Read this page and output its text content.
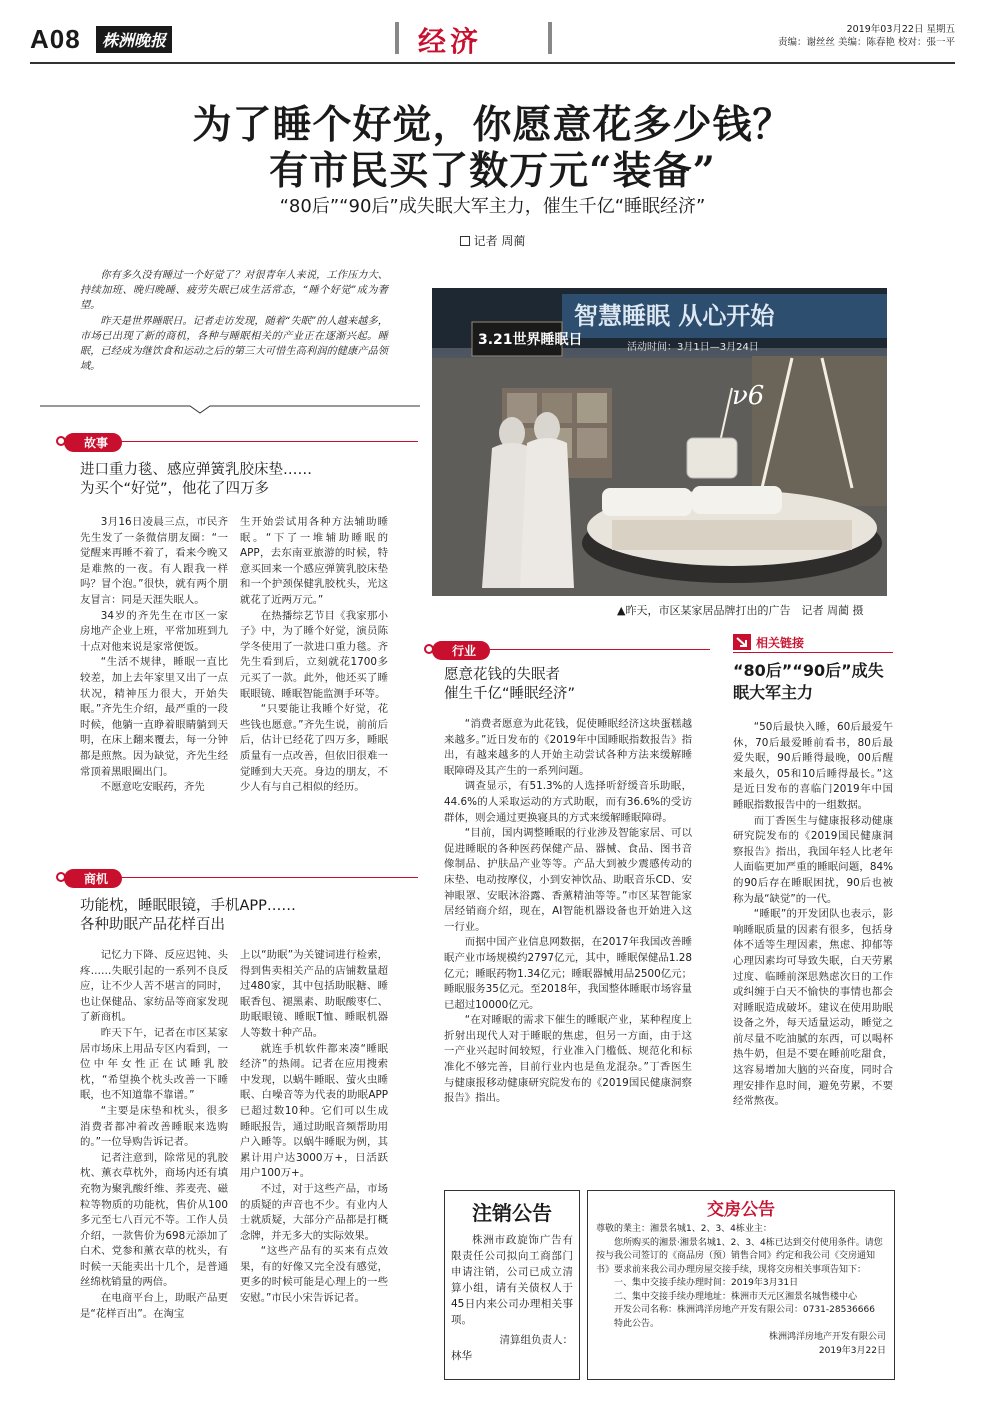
A08	株洲晚报	经济	2019年03月22日 星期五
责编：谢丝丝 美编：陈春艳 校对：張一平
为了睡个好觉，你愿意花多少钱？
有市民买了数万元“装备”
“80后”“90后”成失眠大军主力，催生千亿“睡眠经济”
记者 周蔺

你有多久没有睡过一个好觉了？对很青年人来说，工作压力大、持续加班、晚归晚睡、疲劳失眠已成生活常态，“睡个好觉”成为奢望。

昨天是世界睡眠日。记者走访发现，随着“失眠”的人越来越多，市场已出现了新的商机，各种与睡眠相关的产业正在逐渐兴起。睡眠，已经成为继饮食和运动之后的第三大可惜生高利润的健康产品领域。

智慧睡眠 从心开始
3.21世界睡眠日	活动时间：3月1日—3月24日
ν6
▲昨天，市区某家居品牌打出的广告　记者 周蔺 摄
故事
进口重力毯、感应弹簧乳胶床垫……
为买个“好觉”，他花了四万多

3月16日凌晨三点，市民齐先生发了一条微信朋友圈：“一觉醒来再睡不着了，看来今晚又是难熬的一夜。有人跟我一样吗？冒个泡。”很快，就有两个朋友冒言：同是天涯失眠人。

34岁的齐先生在市区一家房地产企业上班，平常加班到九十点对他来说是家常便饭。

“生活不规律，睡眠一直比较差，加上去年家里又出了一点状况，精神压力很大，开始失眠。”齐先生介绍，最严重的一段时候，他躺一直睁着眼睛躺到天明，在床上翻来覆去，每一分钟都是煎熬。因为缺觉，齐先生经常顶着黑眼圈出门。

不愿意吃安眠药，齐先

生开始尝试用各种方法辅助睡眠。“下了一堆辅助睡眠的APP，去东南亚旅游的时候，特意买回来一个感应弹簧乳胶床垫和一个护颈保健乳胶枕头，光这就花了近两万元。”

在热播综艺节目《我家那小子》中，为了睡个好觉，演员陈学冬使用了一款进口重力毯。齐先生看到后，立刻就花1700多元买了一款。此外，他还买了睡眠眼镜、睡眠智能监测手环等。

“只要能让我睡个好觉，花些钱也愿意。”齐先生说，前前后后，估计已经花了四万多，睡眠质量有一点改善，但依旧很难一觉睡到大天亮。身边的朋友，不少人有与自己相似的经历。

商机
功能枕，睡眠眼镜，手机APP……
各种助眠产品花样百出

记忆力下降、反应迟钝、头疼……失眠引起的一系列不良反应，让不少人苦不堪言的同时，也让保健品、家纺品等商家发现了新商机。

昨天下午，记者在市区某家居市场床上用品专区内看到，一位中年女性正在试睡乳胶枕，“希望换个枕头改善一下睡眠，也不知道靠不靠谱。”

“主要是床垫和枕头，很多消费者都冲着改善睡眠来选购的。”一位导购告诉记者。

记者注意到，除常见的乳胶枕、薰衣草枕外，商场内还有填充物为聚乳酸纤维、荞麦壳、磁粒等物质的功能枕，售价从100多元至七八百元不等。工作人员介绍，一款售价为698元添加了白术、党参和薰衣草的枕头，有时候一天能卖出十几个，是普通丝绵枕销量的两倍。

在电商平台上，助眠产品更是“花样百出”。在淘宝

上以“助眠”为关键词进行检索，得到售卖相关产品的店铺数量超过480家，其中包括助眠糖、睡眠香包、褪黑素、助眠酸枣仁、助眠眼镜、睡眠T恤、睡眠机器人等数十种产品。

就连手机软件都来凑“睡眠经济”的热闹。记者在应用搜索中发现，以蜗牛睡眠、萤火虫睡眠、白噪音等为代表的助眠APP已超过数10种。它们可以生成睡眠报告，通过助眠音频帮助用户入睡等。以蜗牛睡眠为例，其累计用户达3000万+，日活跃用户100万+。

不过，对于这些产品，市场的质疑的声音也不少。有业内人士就质疑，大部分产品都是打概念牌，并无多大的实际效果。

“这些产品有的买来有点效果，有的好像又完全没有感觉，更多的时候可能是心理上的一些安慰。”市民小宋告诉记者。

行业
愿意花钱的失眠者
催生千亿“睡眠经济”

“消费者愿意为此花钱，促使睡眠经济这块蛋糕越来越多。”近日发布的《2019年中国睡眠指数报告》指出，有越来越多的人开始主动尝试各种方法来缓解睡眠障碍及其产生的一系列问题。

调查显示，有51.3%的人选择听舒缓音乐助眠，44.6%的人采取运动的方式助眠，而有36.6%的受访群体，则会通过更换寝具的方式来缓解睡眠障碍。

“目前，国内调整睡眠的行业涉及智能家居、可以促进睡眠的各种医药保健产品、器械、食品、图书音像制品、护肤品产业等等。产品大到被少震感传动的床垫、电动按摩仪，小到安神饮品、助眠音乐CD、安神眼罩、安眠沐浴露、香薰精油等等。”市区某智能家居经销商介绍，现在，AI智能机器设备也开始进入这一行业。

而据中国产业信息网数据，在2017年我国改善睡眠产业市场规模约2797亿元，其中，睡眠保健品1.28亿元；睡眠药物1.34亿元；睡眠器械用品2500亿元；睡眠服务35亿元。至2018年，我国整体睡眠市场容量已超过10000亿元。

“在对睡眠的需求下催生的睡眠产业，某种程度上折射出现代人对于睡眠的焦虑，但另一方面，由于这一产业兴起时间较短，行业准入门槛低、规范化和标准化不够完善，目前行业内也是鱼龙混杂。”丁香医生与健康报移动健康研究院发布的《2019国民健康洞察报告》指出。

相关链接
“80后”“90后”成失
眠大军主力

“50后最快入睡，60后最爱午休，70后最爱睡前看书，80后最爱失眠，90后睡得最晚，00后醒来最久，05和10后睡得最长。”这是近日发布的喜临门2019年中国睡眠指数报告中的一组数据。

而丁香医生与健康报移动健康研究院发布的《2019国民健康洞察报告》指出，我国年轻人比老年人面临更加严重的睡眠问题，84%的90后存在睡眠困扰，90后也被称为最“缺觉”的一代。

“睡眠”的开发团队也表示，影响睡眠质量的因素有很多，包括身体不适等生理因素，焦虑、抑郁等心理因素均可导致失眠，白天劳累过度、临睡前深思熟虑次日的工作或纠缠于白天不愉快的事情也都会对睡眠造成破坏。建议在使用助眠设备之外，每天适量运动，睡觉之前尽量不吃油腻的东西，可以喝杯热牛奶，但是不要在睡前吃甜食，这容易增加大脑的兴奋度，同时合理安排作息时间，避免劳累，不要经常熬夜。

注销公告
株洲市政旋饰广告有限责任公司拟向工商部门申请注销，公司已成立清算小组，请有关债权人于45日内来公司办理相关事项。
清算组负责人：
林华
交房公告
尊敬的業主：湘景名城1、2、3、4栋业主：
您所购买的湘景·湘景名城1、2、3、4栋已达到交付使用条件。请您按与我公司签订的《商品房（预）销售合同》约定和我公司《交房通知书》要求前来我公司办理房屋交接手续，现将交房相关事项告知下：
一、集中交接手续办理时间：2019年3月31日
二、集中交接手续办理地址：株洲市天元区湘景名城售楼中心
开发公司名称：株洲鸿洋房地产开发有限公司：0731-28536666
特此公告。
株洲鸿洋房地产开发有限公司
2019年3月22日
